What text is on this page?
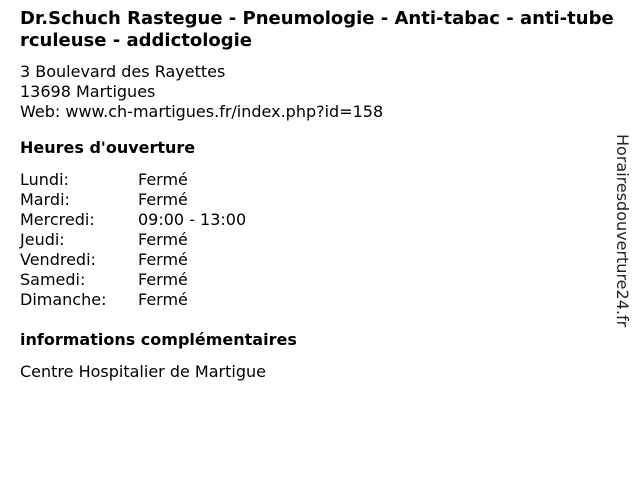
Dr.Schuch Rastegue - Pneumologie - Anti-tabac - anti-tuberculeuse - addictologie
3 Boulevard des Rayettes
13698 Martigues
Web: www.ch-martigues.fr/index.php?id=158
Heures d'ouverture
Lundi:	Fermé
Mardi:	Fermé
Mercredi:	09:00 - 13:00
Jeudi:	Fermé
Vendredi:	Fermé
Samedi:	Fermé
Dimanche:	Fermé
informations complémentaires
Centre Hospitalier de Martigue
Horairesdouverture24.fr
